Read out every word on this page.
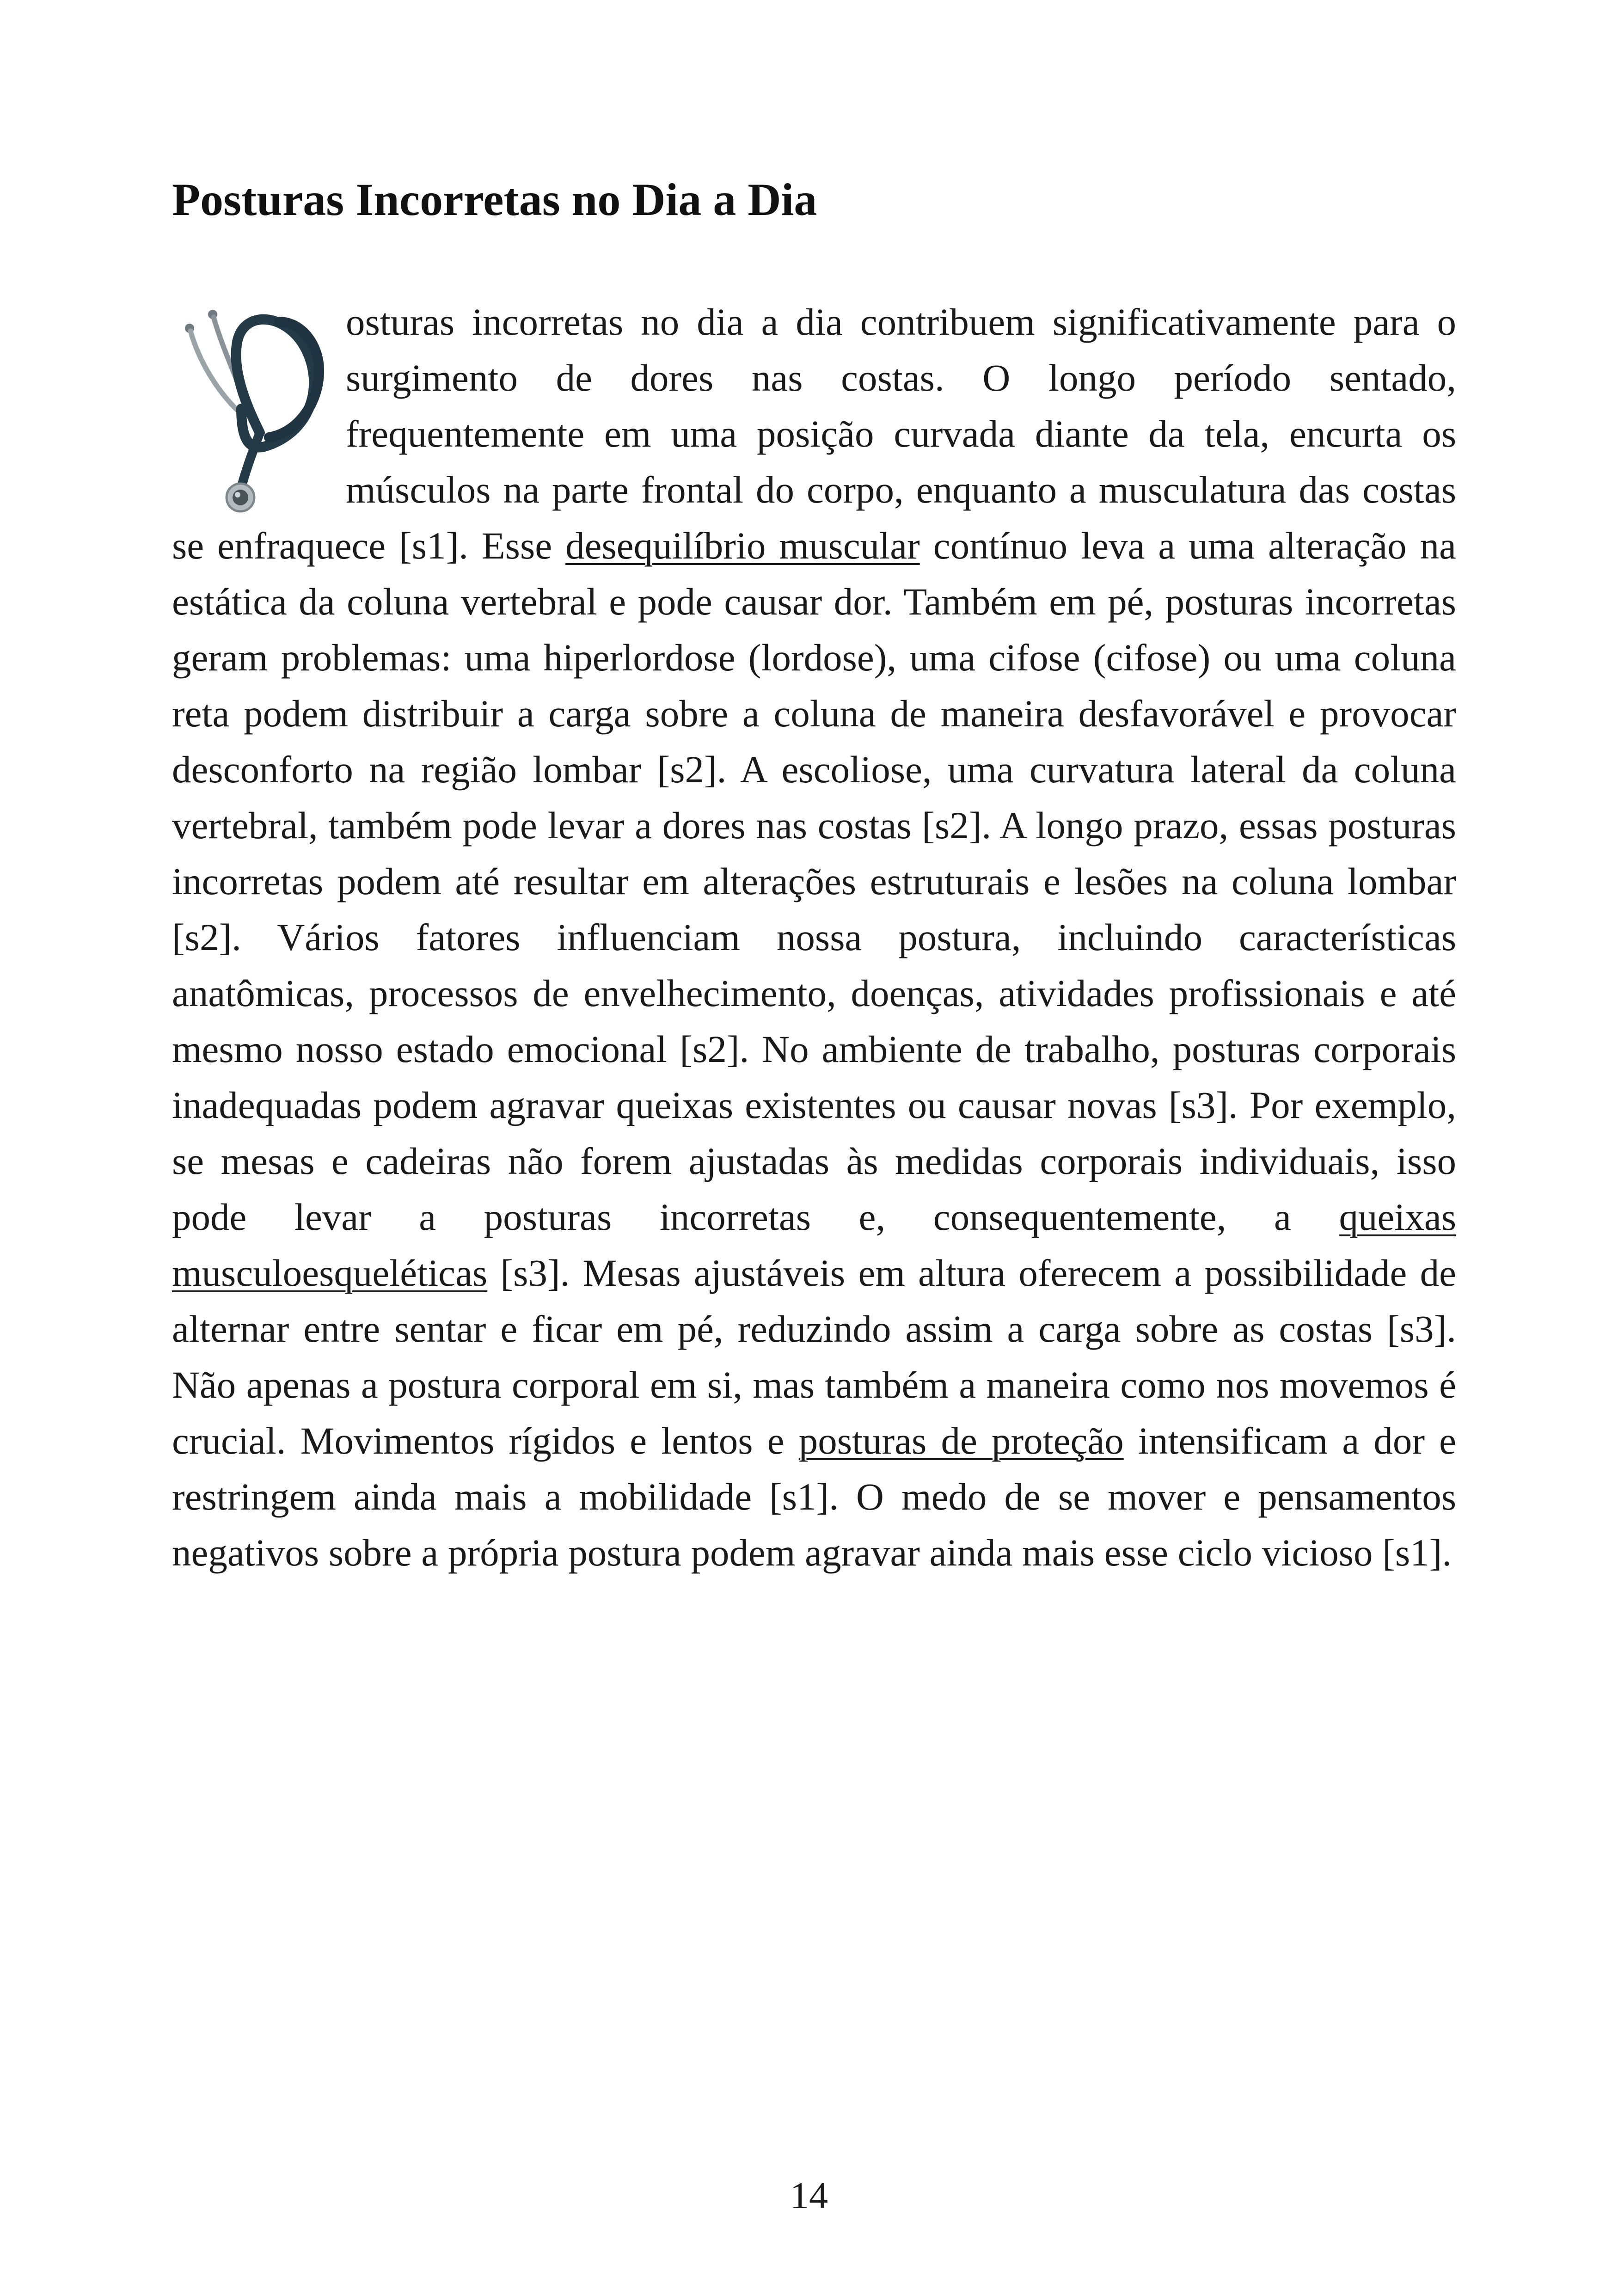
Posturas Incorretas no Dia a Dia

osturas incorretas no dia a dia contribuem significativamente para o surgimento de dores nas costas. O longo período sentado, frequentemente em uma posição curvada diante da tela, encurta os músculos na parte frontal do corpo, enquanto a musculatura das costas se enfraquece [s1]. Esse desequilíbrio muscular contínuo leva a uma alteração na estática da coluna vertebral e pode causar dor. Também em pé, posturas incorretas geram problemas: uma hiperlordose (lordose), uma cifose (cifose) ou uma coluna reta podem distribuir a carga sobre a coluna de maneira desfavorável e provocar desconforto na região lombar [s2]. A escoliose, uma curvatura lateral da coluna vertebral, também pode levar a dores nas costas [s2]. A longo prazo, essas posturas incorretas podem até resultar em alterações estruturais e lesões na coluna lombar [s2]. Vários fatores influenciam nossa postura, incluindo características anatômicas, processos de envelhecimento, doenças, atividades profissionais e até mesmo nosso estado emocional [s2]. No ambiente de trabalho, posturas corporais inadequadas podem agravar queixas existentes ou causar novas [s3]. Por exemplo, se mesas e cadeiras não forem ajustadas às medidas corporais individuais, isso pode levar a posturas incorretas e, consequentemente, a queixas musculoesqueléticas [s3]. Mesas ajustáveis em altura oferecem a possibilidade de alternar entre sentar e ficar em pé, reduzindo assim a carga sobre as costas [s3]. Não apenas a postura corporal em si, mas também a maneira como nos movemos é crucial. Movimentos rígidos e lentos e posturas de proteção intensificam a dor e restringem ainda mais a mobilidade [s1]. O medo de se mover e pensamentos negativos sobre a própria postura podem agravar ainda mais esse ciclo vicioso [s1].

14
